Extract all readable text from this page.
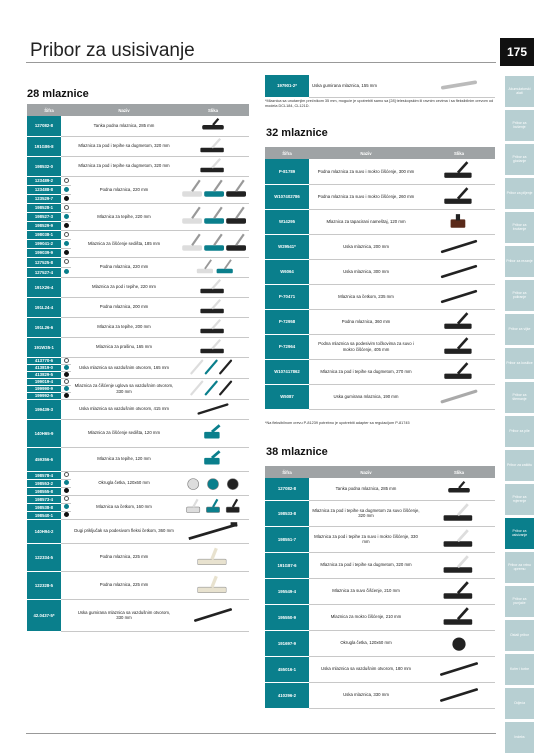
Pribor za usisivanje	175
Akumulatorski alati
Pribor za bušenje
Pribor za glodanje
Pribor za piljenje
Pribor za brušenje
Pribor za rezanje
Pribor za poliranje
Pribor za vijke
Pribor za kosilice
Pribor za štemanje
Pribor za pile
Pribor za zaštitu
Pribor za mjerenje
Pribor za usisivanje
Pribor za vrtnu opremu
Pribor za punjače
Ostali pribor
Kofer i torbe
Odjeća
Indeks
28 mlaznice
Šifra		Naziv	Slika
127082-8		Tanka podna mlaznica, 285 mm	
191G86-8		Mlaznica za pod i tepihe sa dugmetom, 320 mm	
198532-0		Mlaznica za pod i tepihe sa dugmetom, 320 mm	
123489-2		Podna mlaznica, 220 mm	
123488-8			
123529-7			
198528-1		Mlaznica za tepihe, 220 mm	
198527-3			
198529-9			
198038-1		Mlaznica za čišćenje sedišta, 185 mm	
199041-2			
199039-9			
127525-8		Podna mlaznica, 220 mm	
127527-4			
191X26-4		Mlaznica za pod i tepihe, 220 mm	
191L24-4		Podna mlaznica, 200 mm	
191L26-6		Mlaznica za tepihe, 200 mm	
191W35-1		Mlaznica za prašinu, 165 mm	
413770-6		Uska mlaznica sa vazdušnim otvorom, 165 mm	
413819-0			
413829-5			
199019-4		Mlaznica za čišćenje uglova sa vazdušnim otvorom, 330 mm	
199990-9			
199992-5			
199439-3		Uska mlaznica sa vazdušnim otvorom, 415 mm	
140H65-9		Mlaznica za čišćenje sedišta, 120 mm	
459356-6		Mlaznica za tepihe, 120 mm	
198578-4		Okrugla četka, 120x60 mm	
198553-2			
198555-8			
198573-4		Mlaznica sa četkom, 160 mm	
198538-8			
198540-1			
140H94-2		Dugi priključak sa podesivom fleksi četkom, 360 mm	
122334-5		Podna mlaznica, 225 mm	
122328-5		Podna mlaznica, 225 mm	
42.0437-5*		Uska gumirana mlaznica sa vazdušnim otvorom, 330 mm	
197901-2*	Uska gumirana mlaznica, 155 mm	
*Mlaznica sa unutarnjim prečnikom 35 mm, moguće je upotrebiti samo sa [28] teleskopskim ili ravnim cevima i sa fleksibilnim crevom od modela DCL184, CL121D.
32 mlaznice
Šifra	Naziv	Slika
P-81789	Podna mlaznica za suvo i mokro čišćenje, 300 mm	
W107402786	Podna mlaznica za suvo i mokro čišćenje, 260 mm	
W14295	Mlaznica za tapacirani nameštaj, 120 mm	
W29541*	Uska mlaznica, 200 mm	
W6064	Uska mlaznica, 300 mm	
P-70471	Mlaznica sa četkom, 235 mm	
P-72958	Podna mlaznica, 360 mm	
P-72964	Podna mlaznica sa podesivim točkovima za suvo i mokro čišćenje, 405 mm	
W107417862	Mlaznica za pod i tepihe sa dugmetom, 270 mm	
W5087	Uska gumirana mlaznica, 190 mm	
*Na fleksibilnom crevu P-81239 potrebno je upotrebiti adapter sa regulacijom P-81745
38 mlaznice
Šifra	Naziv	Slika
127082-8	Tanka podna mlaznica, 285 mm	
198533-8	Mlaznica za pod i tepihe sa dugmetom za suvo čišćenje, 320 mm	
198551-7	Mlaznica za pod i tepihe za suvo i mokro čišćenje, 330 mm	
191G87-6	Mlaznica za pod i tepihe sa dugmetom, 320 mm	
195549-4	Mlaznica za suvo čišćenje, 210 mm	
195550-9	Mlaznica za mokro čišćenje, 210 mm	
191697-9	Okrugla četka, 120x60 mm	
455016-1	Uska mlaznica sa vazdušnim otvorom, 180 mm	
410296-2	Uska mlaznica, 330 mm	
